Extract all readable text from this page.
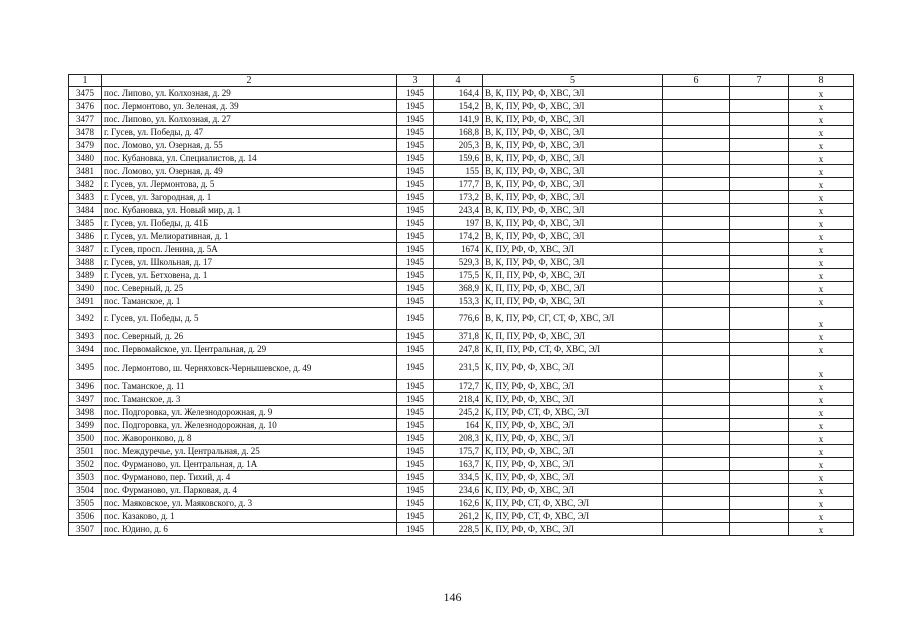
1	2	3	4	5	6	7	8
3475	пос. Липово, ул. Колхозная, д. 29	1945	164,4	В, К, ПУ, РФ, Ф, ХВС, ЭЛ			х
3476	пос. Лермонтово, ул. Зеленая, д. 39	1945	154,2	В, К, ПУ, РФ, Ф, ХВС, ЭЛ			х
3477	пос. Липово, ул. Колхозная, д. 27	1945	141,9	В, К, ПУ, РФ, Ф, ХВС, ЭЛ			х
3478	г. Гусев, ул. Победы, д. 47	1945	168,8	В, К, ПУ, РФ, Ф, ХВС, ЭЛ			х
3479	пос. Ломово, ул. Озерная, д. 55	1945	205,3	В, К, ПУ, РФ, Ф, ХВС, ЭЛ			х
3480	пос. Кубановка, ул. Специалистов, д. 14	1945	159,6	В, К, ПУ, РФ, Ф, ХВС, ЭЛ			х
3481	пос. Ломово, ул. Озерная, д. 49	1945	155	В, К, ПУ, РФ, Ф, ХВС, ЭЛ			х
3482	г. Гусев, ул. Лермонтова, д. 5	1945	177,7	В, К, ПУ, РФ, Ф, ХВС, ЭЛ			х
3483	г. Гусев, ул. Загородная, д. 1	1945	173,2	В, К, ПУ, РФ, Ф, ХВС, ЭЛ			х
3484	пос. Кубановка, ул. Новый мир, д. 1	1945	243,4	В, К, ПУ, РФ, Ф, ХВС, ЭЛ			х
3485	г. Гусев, ул. Победы, д. 41Б	1945	197	В, К, ПУ, РФ, Ф, ХВС, ЭЛ			х
3486	г. Гусев, ул. Мелиоративная, д. 1	1945	174,2	В, К, ПУ, РФ, Ф, ХВС, ЭЛ			х
3487	г. Гусев, просп. Ленина, д. 5А	1945	1674	К, ПУ, РФ, Ф, ХВС, ЭЛ			х
3488	г. Гусев, ул. Школьная, д. 17	1945	529,3	В, К, ПУ, РФ, Ф, ХВС, ЭЛ			х
3489	г. Гусев, ул. Бетховена, д. 1	1945	175,5	К, П, ПУ, РФ, Ф, ХВС, ЭЛ			х
3490	пос. Северный, д. 25	1945	368,9	К, П, ПУ, РФ, Ф, ХВС, ЭЛ			х
3491	пос. Таманское, д. 1	1945	153,3	К, П, ПУ, РФ, Ф, ХВС, ЭЛ			х
3492	г. Гусев, ул. Победы, д. 5	1945	776,6	В, К, ПУ, РФ, СГ, СТ, Ф, ХВС, ЭЛ			х
3493	пос. Северный, д. 26	1945	371,8	К, П, ПУ, РФ, Ф, ХВС, ЭЛ			х
3494	пос. Первомайское, ул. Центральная, д. 29	1945	247,8	К, П, ПУ, РФ, СТ, Ф, ХВС, ЭЛ			х
3495	пос. Лермонтово, ш. Черняховск-Чернышевское, д. 49	1945	231,5	К, ПУ, РФ, Ф, ХВС, ЭЛ			х
3496	пос. Таманское, д. 11	1945	172,7	К, ПУ, РФ, Ф, ХВС, ЭЛ			х
3497	пос. Таманское, д. 3	1945	218,4	К, ПУ, РФ, Ф, ХВС, ЭЛ			х
3498	пос. Подгоровка, ул. Железнодорожная, д. 9	1945	245,2	К, ПУ, РФ, СТ, Ф, ХВС, ЭЛ			х
3499	пос. Подгоровка, ул. Железнодорожная, д. 10	1945	164	К, ПУ, РФ, Ф, ХВС, ЭЛ			х
3500	пос. Жаворонково, д. 8	1945	208,3	К, ПУ, РФ, Ф, ХВС, ЭЛ			х
3501	пос. Междуречье, ул. Центральная, д. 25	1945	175,7	К, ПУ, РФ, Ф, ХВС, ЭЛ			х
3502	пос. Фурманово, ул. Центральная, д. 1А	1945	163,7	К, ПУ, РФ, Ф, ХВС, ЭЛ			х
3503	пос. Фурманово, пер. Тихий, д. 4	1945	334,5	К, ПУ, РФ, Ф, ХВС, ЭЛ			х
3504	пос. Фурманово, ул. Парковая, д. 4	1945	234,6	К, ПУ, РФ, Ф, ХВС, ЭЛ			х
3505	пос. Маяковское, ул. Маяковского, д. 3	1945	162,6	К, ПУ, РФ, СТ, Ф, ХВС, ЭЛ			х
3506	пос. Казаково, д. 1	1945	261,2	К, ПУ, РФ, СТ, Ф, ХВС, ЭЛ			х
3507	пос. Юдино, д. 6	1945	228,5	К, ПУ, РФ, Ф, ХВС, ЭЛ			х
146
